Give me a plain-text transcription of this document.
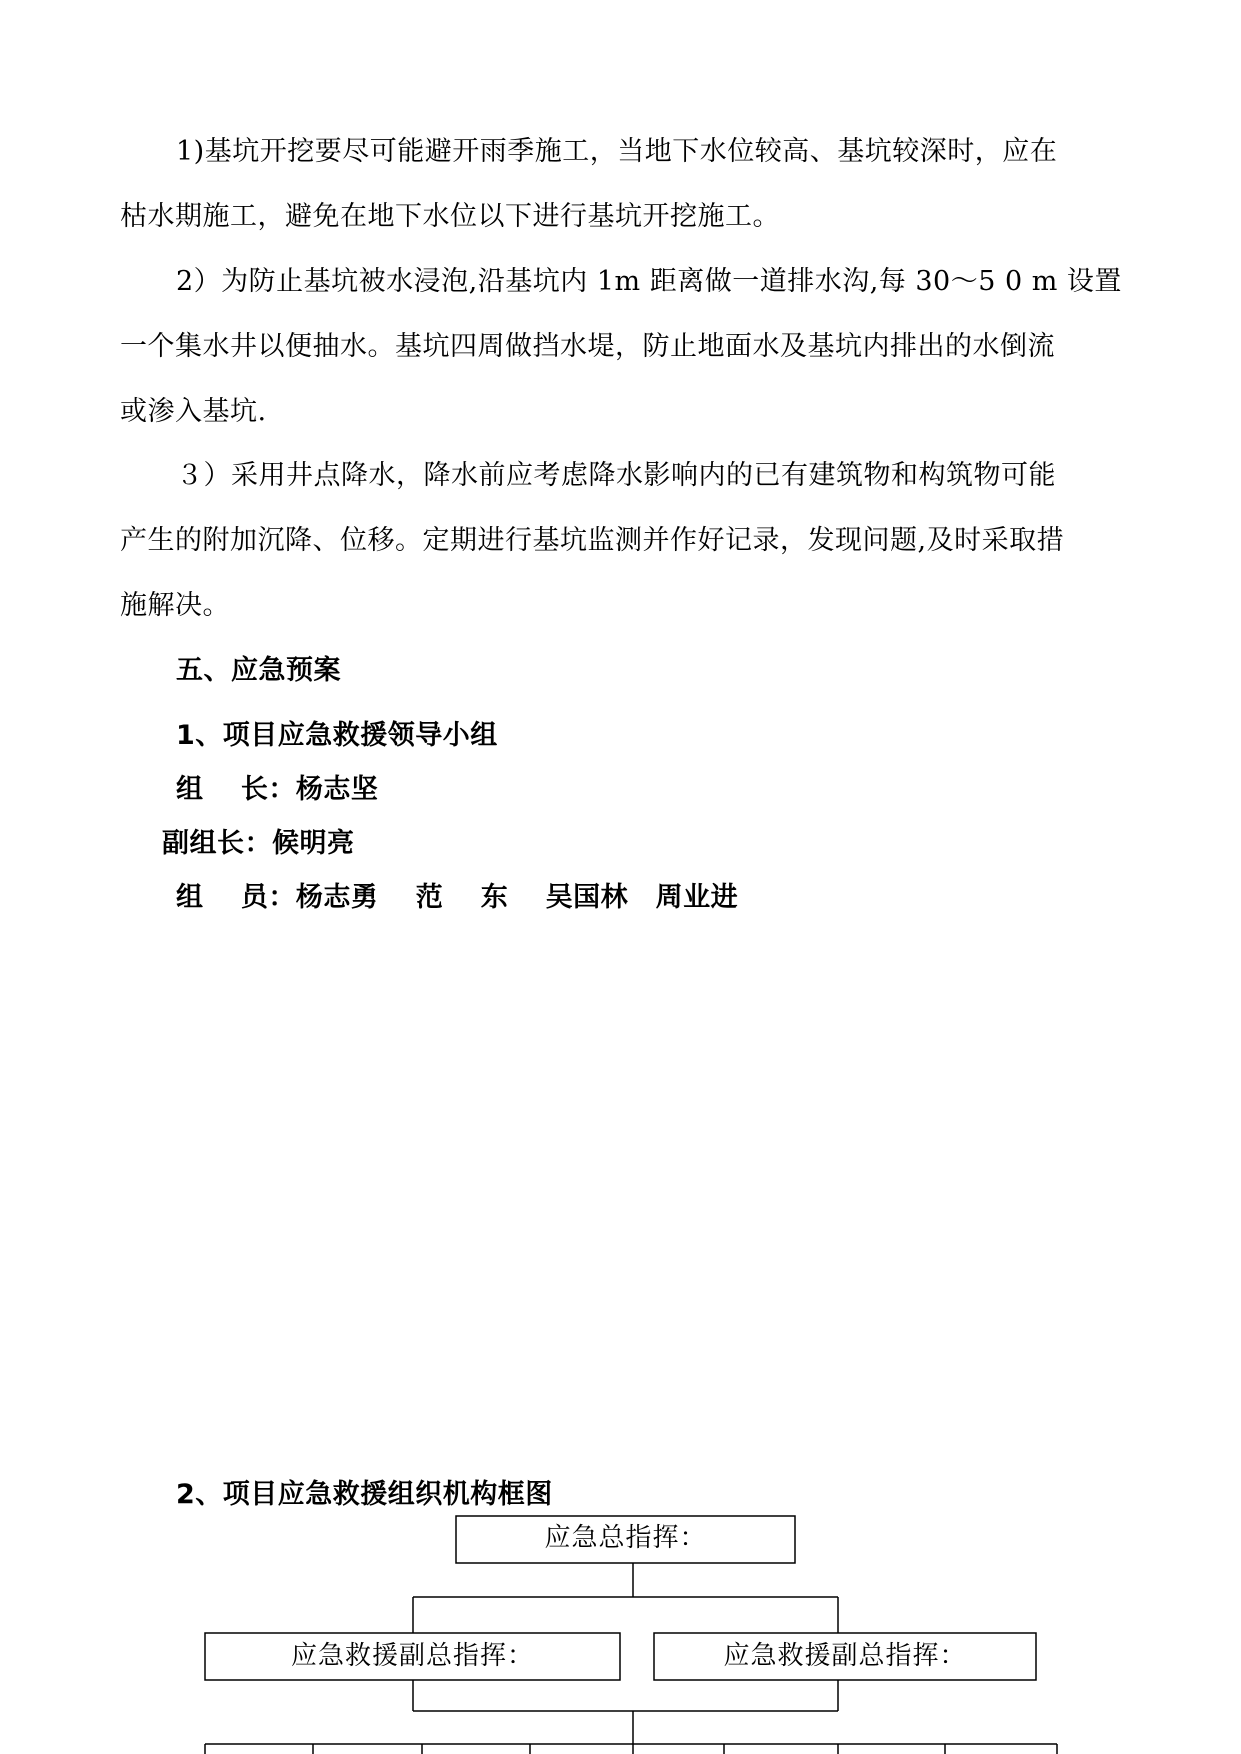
1)基坑开挖要尽可能避开雨季施工，当地下水位较高、基坑较深时，应在
枯水期施工，避免在地下水位以下进行基坑开挖施工。
2）为防止基坑被水浸泡,沿基坑内 1m 距离做一道排水沟,每 30～5 0 m 设置
一个集水井以便抽水。基坑四周做挡水堤，防止地面水及基坑内排出的水倒流
或渗入基坑.
３）采用井点降水，降水前应考虑降水影响内的已有建筑物和构筑物可能
产生的附加沉降、位移。定期进行基坑监测并作好记录，发现问题,及时采取措
施解决。
五、应急预案
1、项目应急救援领导小组
组　 长：杨志坚
副组长：候明亮
组　 员：杨志勇　 范　 东　 吴国林　周业进
2、项目应急救援组织机构框图
应急总指挥：
应急救援副总指挥：	应急救援副总指挥：
